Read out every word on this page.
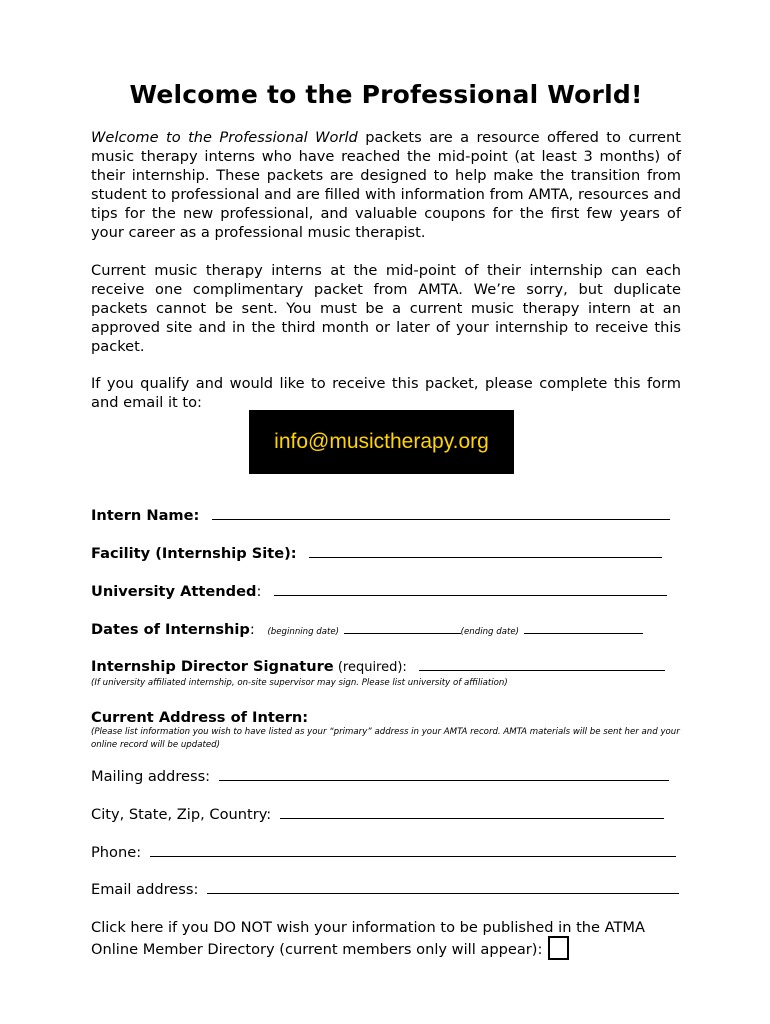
Welcome to the Professional World!

Welcome to the Professional World packets are a resource offered to current music therapy interns who have reached the mid-point (at least 3 months) of their internship. These packets are designed to help make the transition from student to professional and are filled with information from AMTA, resources and tips for the new professional, and valuable coupons for the first few years of your career as a professional music therapist.

Current music therapy interns at the mid-point of their internship can each receive one complimentary packet from AMTA. We’re sorry, but duplicate packets cannot be sent. You must be a current music therapy intern at an approved site and in the third month or later of your internship to receive this packet.

If you qualify and would like to receive this packet, please complete this form and email it to:

info@musictherapy.org
Intern Name:
Facility (Internship Site):
University Attended:
Dates of Internship: (beginning date)	(ending date)
Internship Director Signature (required):
(If university affiliated internship, on-site supervisor may sign. Please list university of affiliation)
Current Address of Intern:
(Please list information you wish to have listed as your “primary” address in your AMTA record. AMTA materials will be sent her and your online record will be updated)
Mailing address:
City, State, Zip, Country:
Phone:
Email address:
Click here if you DO NOT wish your information to be published in the ATMA
Online Member Directory (current members only will appear):
